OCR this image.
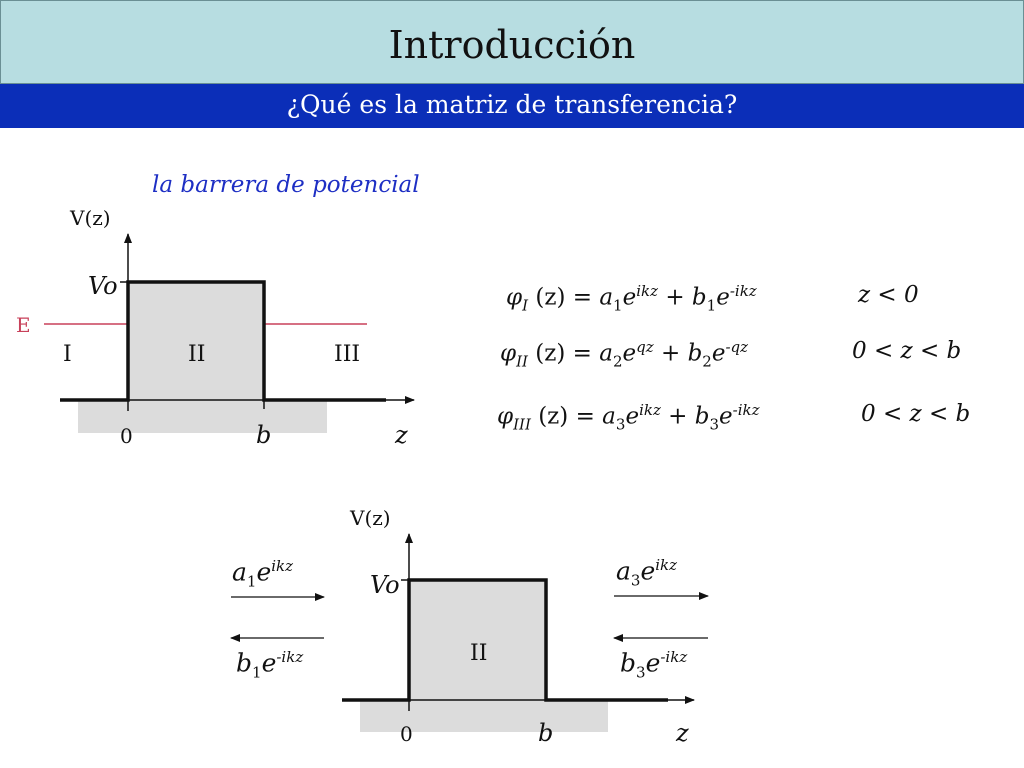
Introducción
¿Qué es la matriz de transferencia?
la barrera de potencial
V(z)
Vo
E
I	II	III
0	b	z
$\varphi_I$ $(z) = a_1e^{ikz} + b_1e^{-ikz}$	z < 0
$\varphi_{II}$ $(z) = a_2e^{qz} + b_2e^{-qz}$	0 < z < b
$\varphi_{III}$ $(z) = a_3e^{ikz} + b_3e^{-ikz}$	0 < z < b
V(z)
Vo
II
0	b	z
$a_1e^{ikz}$
$b_1e^{-ikz}$
$a_3e^{ikz}$
$b_3e^{-ikz}$
